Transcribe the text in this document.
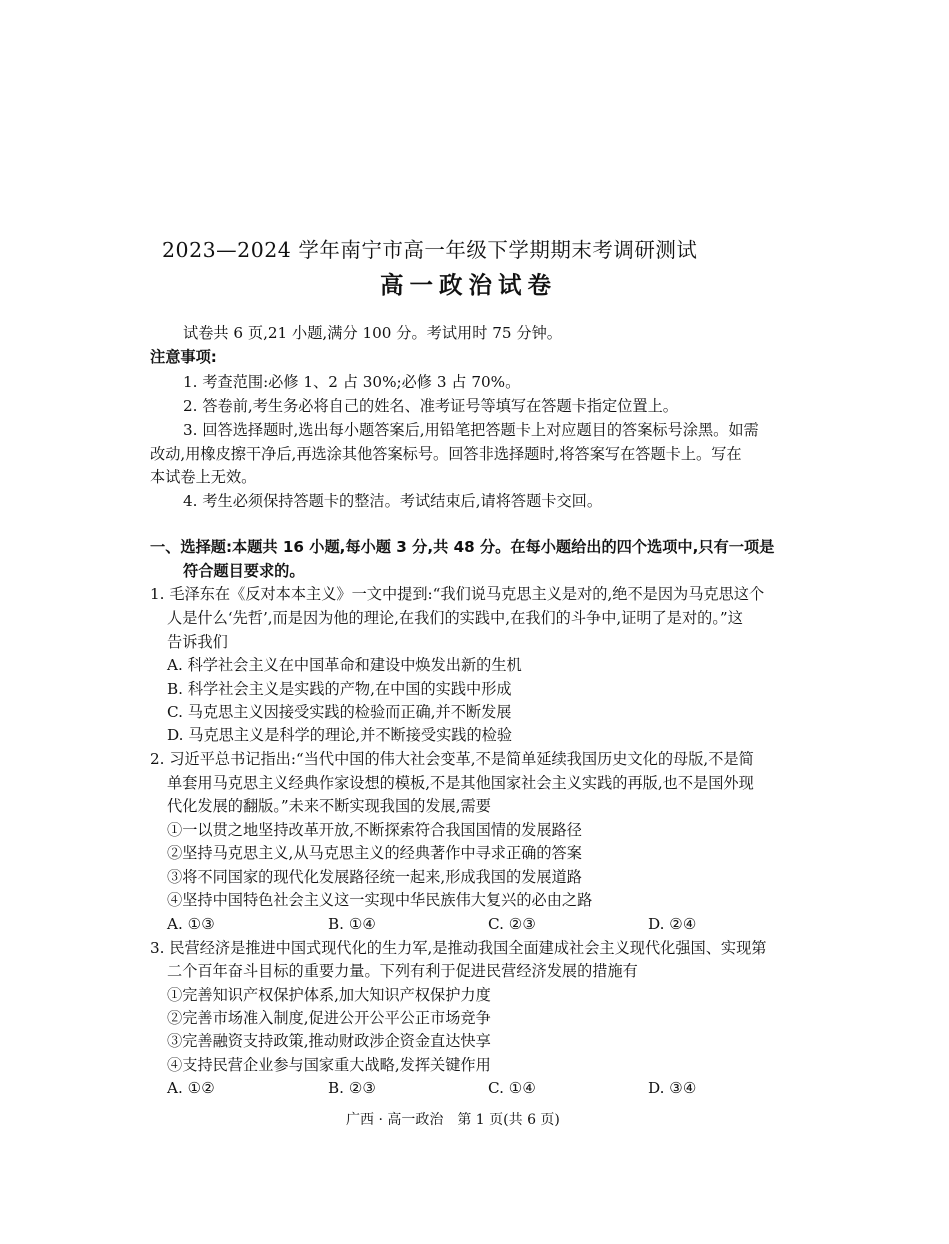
2023—2024 学年南宁市高一年级下学期期末考调研测试
高一政治试卷
试卷共 6 页,21 小题,满分 100 分。考试用时 75 分钟。
注意事项:
1. 考查范围:必修 1、2 占 30%;必修 3 占 70%。
2. 答卷前,考生务必将自己的姓名、准考证号等填写在答题卡指定位置上。
3. 回答选择题时,选出每小题答案后,用铅笔把答题卡上对应题目的答案标号涂黑。如需
改动,用橡皮擦干净后,再选涂其他答案标号。回答非选择题时,将答案写在答题卡上。写在
本试卷上无效。
4. 考生必须保持答题卡的整洁。考试结束后,请将答题卡交回。
一、选择题:本题共 16 小题,每小题 3 分,共 48 分。在每小题给出的四个选项中,只有一项是
符合题目要求的。
1. 毛泽东在《反对本本主义》一文中提到:“我们说马克思主义是对的,绝不是因为马克思这个
人是什么‘先哲’,而是因为他的理论,在我们的实践中,在我们的斗争中,证明了是对的。”这
告诉我们
A. 科学社会主义在中国革命和建设中焕发出新的生机
B. 科学社会主义是实践的产物,在中国的实践中形成
C. 马克思主义因接受实践的检验而正确,并不断发展
D. 马克思主义是科学的理论,并不断接受实践的检验
2. 习近平总书记指出:“当代中国的伟大社会变革,不是简单延续我国历史文化的母版,不是简
单套用马克思主义经典作家设想的模板,不是其他国家社会主义实践的再版,也不是国外现
代化发展的翻版。”未来不断实现我国的发展,需要
①一以贯之地坚持改革开放,不断探索符合我国国情的发展路径
②坚持马克思主义,从马克思主义的经典著作中寻求正确的答案
③将不同国家的现代化发展路径统一起来,形成我国的发展道路
④坚持中国特色社会主义这一实现中华民族伟大复兴的必由之路
A. ①③	B. ①④	C. ②③	D. ②④
3. 民营经济是推进中国式现代化的生力军,是推动我国全面建成社会主义现代化强国、实现第
二个百年奋斗目标的重要力量。下列有利于促进民营经济发展的措施有
①完善知识产权保护体系,加大知识产权保护力度
②完善市场准入制度,促进公开公平公正市场竞争
③完善融资支持政策,推动财政涉企资金直达快享
④支持民营企业参与国家重大战略,发挥关键作用
A. ①②	B. ②③	C. ①④	D. ③④
广西 · 高一政治　第 1 页(共 6 页)
